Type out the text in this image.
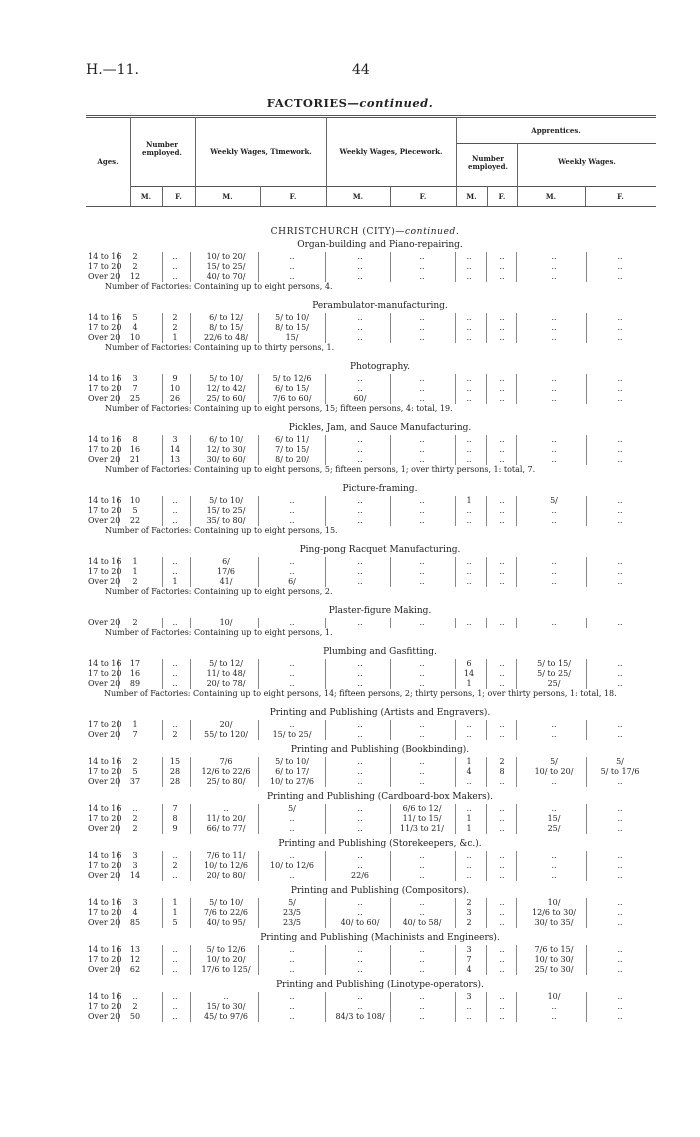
H.—11.	44
FACTORIES—continued.
Ages.
Number employed.	Weekly Wages, Timework.	Weekly Wages, Piecework.
Apprentices.
Number employed.
Weekly Wages.
M.	F.	M.	F.	M.	F.	M.	F.	M.	F.
CHRISTCHURCH (CITY)—continued.
Organ-building and Piano-repairing.
14 to 16	2	..	10/ to 20/	..	..	..	..	..	..	..
17 to 20	2	..	15/ to 25/	..	..	..	..	..	..	..
Over 20	12	..	40/ to 70/	..	..	..	..	..	..	..
Number of Factories: Containing up to eight persons, 4.
Perambulator-manufacturing.
14 to 16	5	2	6/ to 12/	5/ to 10/	..	..	..	..	..	..
17 to 20	4	2	8/ to 15/	8/ to 15/	..	..	..	..	..	..
Over 20	10	1	22/6 to 48/	15/	..	..	..	..	..	..
Number of Factories: Containing up to thirty persons, 1.
Photography.
14 to 16	3	9	5/ to 10/	5/ to 12/6	..	..	..	..	..	..
17 to 20	7	10	12/ to 42/	6/ to 15/	..	..	..	..	..	..
Over 20	25	26	25/ to 60/	7/6 to 60/	60/	..	..	..	..	..
Number of Factories: Containing up to eight persons, 15; fifteen persons, 4: total, 19.
Pickles, Jam, and Sauce Manufacturing.
14 to 16	8	3	6/ to 10/	6/ to 11/	..	..	..	..	..	..
17 to 20	16	14	12/ to 30/	7/ to 15/	..	..	..	..	..	..
Over 20	21	13	30/ to 60/	8/ to 20/	..	..	..	..	..	..
Number of Factories: Containing up to eight persons, 5; fifteen persons, 1; over thirty persons, 1: total, 7.
Picture-framing.
14 to 16	10	..	5/ to 10/	..	..	..	1	..	5/	..
17 to 20	5	..	15/ to 25/	..	..	..	..	..	..	..
Over 20	22	..	35/ to 80/	..	..	..	..	..	..	..
Number of Factories: Containing up to eight persons, 15.
Ping-pong Racquet Manufacturing.
14 to 16	1	..	6/	..	..	..	..	..	..	..
17 to 20	1	..	17/6	..	..	..	..	..	..	..
Over 20	2	1	41/	6/	..	..	..	..	..	..
Number of Factories: Containing up to eight persons, 2.
Plaster-figure Making.
Over 20	2	..	10/	..	..	..	..	..	..	..
Number of Factories: Containing up to eight persons, 1.
Plumbing and Gasfitting.
14 to 16	17	..	5/ to 12/	..	..	..	6	..	5/ to 15/	..
17 to 20	16	..	11/ to 48/	..	..	..	14	..	5/ to 25/	..
Over 20	89	..	20/ to 78/	..	..	..	1	..	25/	..
Number of Factories: Containing up to eight persons, 14; fifteen persons, 2; thirty persons, 1; over thirty persons, 1: total, 18.
Printing and Publishing (Artists and Engravers).
17 to 20	1	..	20/	..	..	..	..	..	..	..
Over 20	7	2	55/ to 120/	15/ to 25/	..	..	..	..	..	..
Printing and Publishing (Bookbinding).
14 to 16	2	15	7/6	5/ to 10/	..	..	1	2	5/	5/
17 to 20	5	28	12/6 to 22/6	6/ to 17/	..	..	4	8	10/ to 20/	5/ to 17/6
Over 20	37	28	25/ to 80/	10/ to 27/6	..	..	..	..	..	..
Printing and Publishing (Cardboard-box Makers).
14 to 16	..	7	..	5/	..	6/6 to 12/	..	..	..	..
17 to 20	2	8	11/ to 20/	..	..	11/ to 15/	1	..	15/	..
Over 20	2	9	66/ to 77/	..	..	11/3 to 21/	1	..	25/	..
Printing and Publishing (Storekeepers, &c.).
14 to 16	3	..	7/6 to 11/	..	..	..	..	..	..	..
17 to 20	3	2	10/ to 12/6	10/ to 12/6	..	..	..	..	..	..
Over 20	14	..	20/ to 80/	..	22/6	..	..	..	..	..
Printing and Publishing (Compositors).
14 to 16	3	1	5/ to 10/	5/	..	..	2	..	10/	..
17 to 20	4	1	7/6 to 22/6	23/5	..	..	3	..	12/6 to 30/	..
Over 20	85	5	40/ to 95/	23/5	40/ to 60/	40/ to 58/	2	..	30/ to 35/	..
Printing and Publishing (Machinists and Engineers).
14 to 16	13	..	5/ to 12/6	..	..	..	3	..	7/6 to 15/	..
17 to 20	12	..	10/ to 20/	..	..	..	7	..	10/ to 30/	..
Over 20	62	..	17/6 to 125/	..	..	..	4	..	25/ to 30/	..
Printing and Publishing (Linotype-operators).
14 to 16	..	..	..	..	..	..	3	..	10/	..
17 to 20	2	..	15/ to 30/	..	..	..	..	..	..	..
Over 20	50	..	45/ to 97/6	..	84/3 to 108/	..	..	..	..	..
